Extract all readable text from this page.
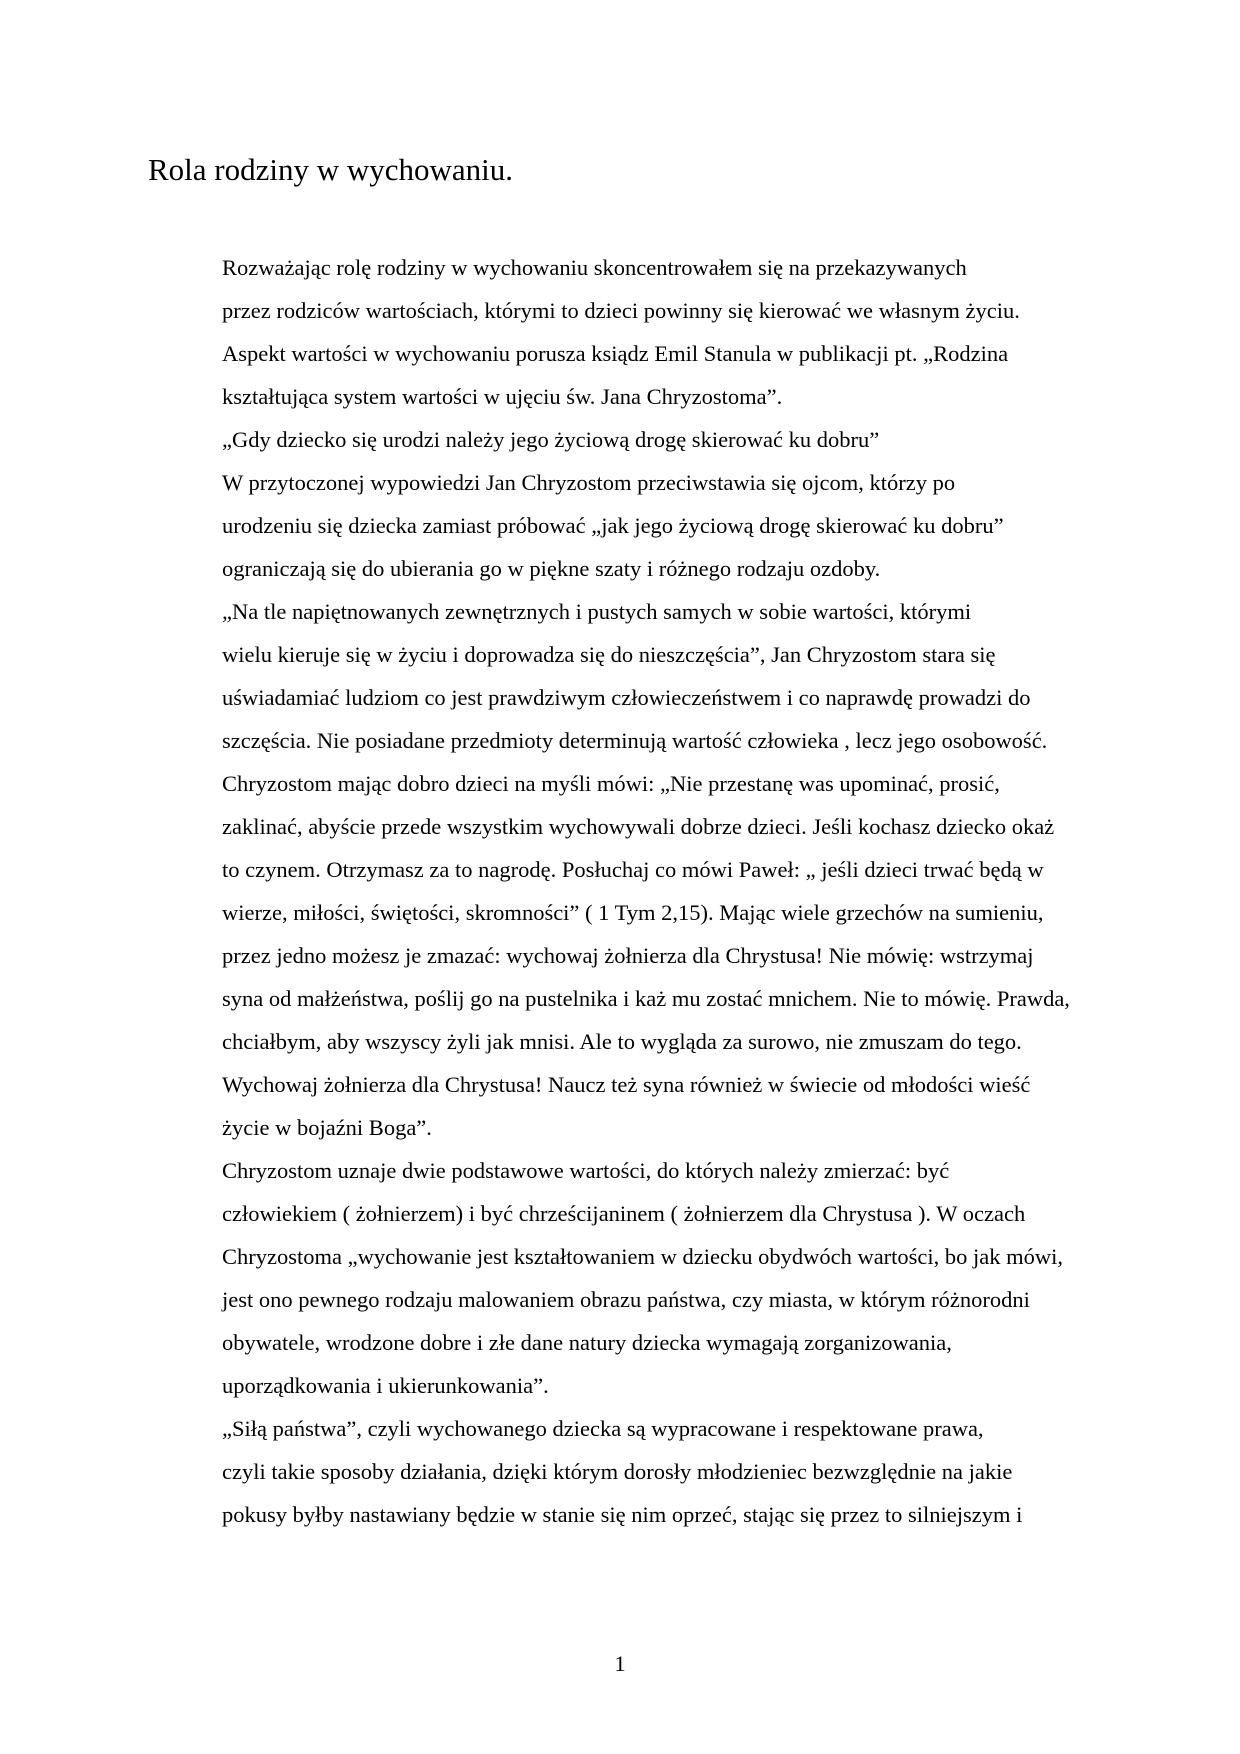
Rola rodziny w wychowaniu.

Rozważając rolę rodziny w wychowaniu skoncentrowałem się na przekazywanych
przez rodziców wartościach, którymi to dzieci powinny się kierować we własnym życiu.
Aspekt wartości w wychowaniu porusza ksiądz Emil Stanula w publikacji pt. „Rodzina
kształtująca system wartości w ujęciu św. Jana Chryzostoma”.

„Gdy dziecko się urodzi należy jego życiową drogę skierować ku dobru”

W przytoczonej wypowiedzi Jan Chryzostom przeciwstawia się ojcom, którzy po
urodzeniu się dziecka zamiast próbować „jak jego życiową drogę skierować ku dobru”
ograniczają się do ubierania go w piękne szaty i różnego rodzaju ozdoby.

„Na tle napiętnowanych zewnętrznych i pustych samych w sobie wartości, którymi
wielu kieruje się w życiu i doprowadza się do nieszczęścia”, Jan Chryzostom stara się
uświadamiać ludziom co jest prawdziwym człowieczeństwem i co naprawdę prowadzi do
szczęścia. Nie posiadane przedmioty determinują wartość człowieka , lecz jego osobowość.
Chryzostom mając dobro dzieci na myśli mówi: „Nie przestanę was upominać, prosić,
zaklinać, abyście przede wszystkim wychowywali dobrze dzieci. Jeśli kochasz dziecko okaż
to czynem. Otrzymasz za to nagrodę. Posłuchaj co mówi Paweł: „ jeśli dzieci trwać będą w
wierze, miłości, świętości, skromności” ( 1 Tym 2,15). Mając wiele grzechów na sumieniu,
przez jedno możesz je zmazać: wychowaj żołnierza dla Chrystusa! Nie mówię: wstrzymaj
syna od małżeństwa, poślij go na pustelnika i każ mu zostać mnichem. Nie to mówię. Prawda,
chciałbym, aby wszyscy żyli jak mnisi. Ale to wygląda za surowo, nie zmuszam do tego.
Wychowaj żołnierza dla Chrystusa! Naucz też syna również w świecie od młodości wieść
życie w bojaźni Boga”.

Chryzostom uznaje dwie podstawowe wartości, do których należy zmierzać: być
człowiekiem ( żołnierzem) i być chrześcijaninem ( żołnierzem dla Chrystusa ). W oczach
Chryzostoma „wychowanie jest kształtowaniem w dziecku obydwóch wartości, bo jak mówi,
jest ono pewnego rodzaju malowaniem obrazu państwa, czy miasta, w którym różnorodni
obywatele, wrodzone dobre i złe dane natury dziecka wymagają zorganizowania,
uporządkowania i ukierunkowania”.

„Siłą państwa”, czyli wychowanego dziecka są wypracowane i respektowane prawa,
czyli takie sposoby działania, dzięki którym dorosły młodzieniec bezwzględnie na jakie
pokusy byłby nastawiany będzie w stanie się nim oprzeć, stając się przez to silniejszym i

1
